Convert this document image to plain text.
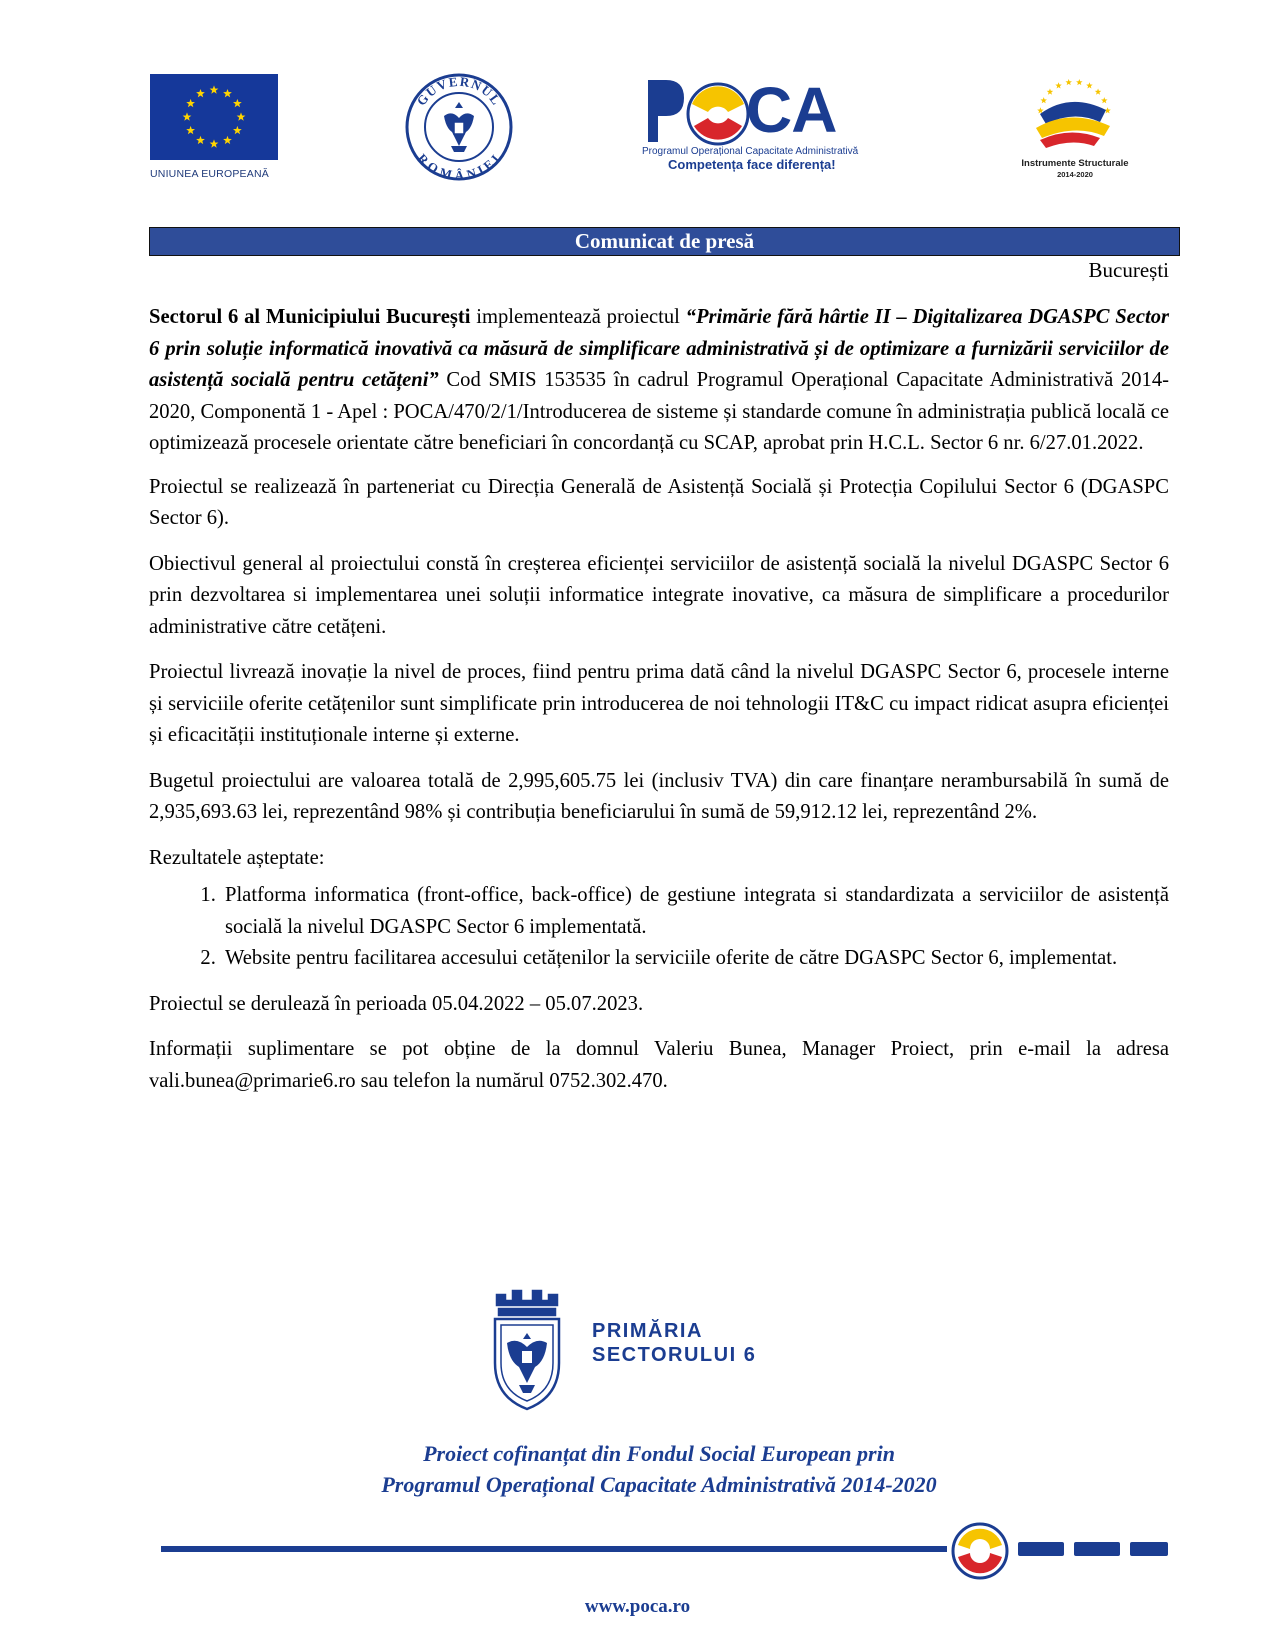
UNIUNEA EUROPEANĂ
GUVERNUL
ROMÂNIEI
CA
Programul Operațional Capacitate Administrativă
Competența face diferența!	Instrumente Structurale
2014-2020
Comunicat de presă
București

Sectorul 6 al Municipiului București implementează proiectul “Primărie fără hârtie II – Digitalizarea DGASPC Sector 6 prin soluție informatică inovativă ca măsură de simplificare administrativă și de optimizare a furnizării serviciilor de asistență socială pentru cetățeni” Cod SMIS 153535 în cadrul Programul Operațional Capacitate Administrativă 2014-2020, Componentă 1 - Apel : POCA/470/2/1/Introducerea de sisteme și standarde comune în administrația publică locală ce optimizează procesele orientate către beneficiari în concordanță cu SCAP, aprobat prin H.C.L. Sector 6 nr. 6/27.01.2022.

Proiectul se realizează în parteneriat cu Direcția Generală de Asistență Socială și Protecția Copilului Sector 6 (DGASPC Sector 6).

Obiectivul general al proiectului constă în creșterea eficienței serviciilor de asistență socială la nivelul DGASPC Sector 6 prin dezvoltarea si implementarea unei soluții informatice integrate inovative, ca măsura de simplificare a procedurilor administrative către cetățeni.

Proiectul livrează inovație la nivel de proces, fiind pentru prima dată când la nivelul DGASPC Sector 6, procesele interne și serviciile oferite cetățenilor sunt simplificate prin introducerea de noi tehnologii IT&C cu impact ridicat asupra eficienței și eficacității instituționale interne și externe.

Bugetul proiectului are valoarea totală de 2,995,605.75 lei (inclusiv TVA) din care finanțare nerambursabilă în sumă de 2,935,693.63 lei, reprezentând 98% și contribuția beneficiarului în sumă de 59,912.12 lei, reprezentând 2%.

Rezultatele așteptate:

1. Platforma informatica (front-office, back-office) de gestiune integrata si standardizata a serviciilor de asistență socială la nivelul DGASPC Sector 6 implementată.
2. Website pentru facilitarea accesului cetățenilor la serviciile oferite de către DGASPC Sector 6, implementat.

Proiectul se derulează în perioada 05.04.2022 – 05.07.2023.

Informații suplimentare se pot obține de la domnul Valeriu Bunea, Manager Proiect, prin e-mail la adresa vali.bunea@primarie6.ro sau telefon la numărul 0752.302.470.

PRIMĂRIA
SECTORULUI 6
Proiect cofinanțat din Fondul Social European prin
Programul Operațional Capacitate Administrativă 2014-2020
www.poca.ro
